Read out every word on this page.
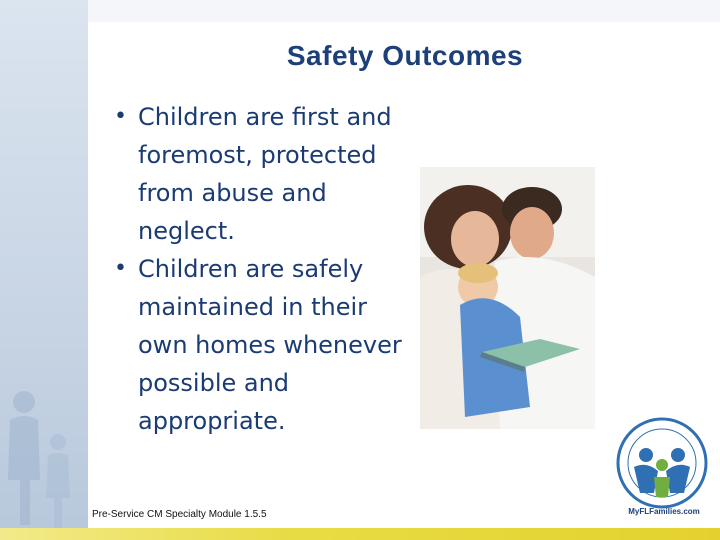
Safety Outcomes
• Children are first and foremost, protected from abuse and neglect.
• Children are safely maintained in their own homes whenever possible and appropriate.
MyFLFamilies.com
Pre-Service CM Specialty Module 1.5.5
